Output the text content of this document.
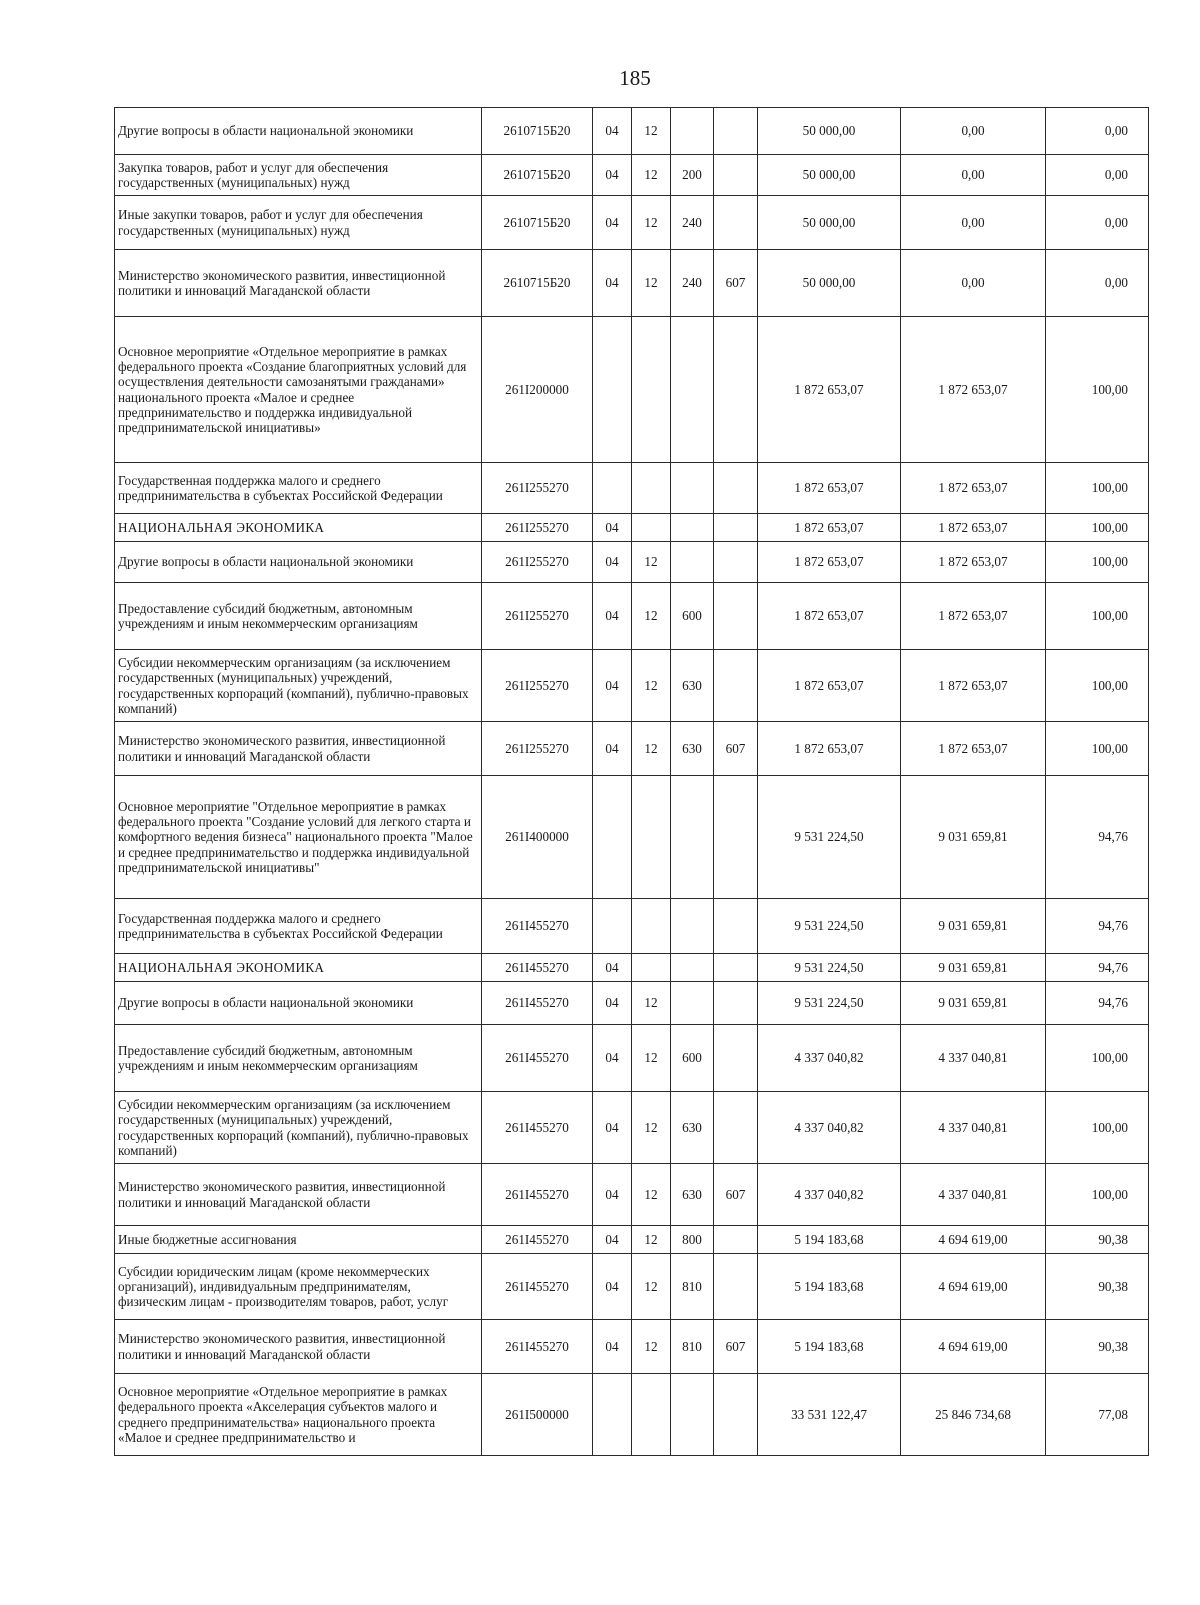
185
Другие вопросы в области национальной экономики	2610715Б20	04	12			50 000,00	0,00	0,00
Закупка товаров, работ и услуг для обеспечения государственных (муниципальных) нужд	2610715Б20	04	12	200		50 000,00	0,00	0,00
Иные закупки товаров, работ и услуг для обеспечения государственных (муниципальных) нужд	2610715Б20	04	12	240		50 000,00	0,00	0,00
Министерство экономического развития, инвестиционной политики и инноваций Магаданской области	2610715Б20	04	12	240	607	50 000,00	0,00	0,00
Основное мероприятие «Отдельное мероприятие в рамках федерального проекта «Создание благоприятных условий для осуществления деятельности самозанятыми гражданами» национального проекта «Малое и среднее предпринимательство и поддержка индивидуальной предпринимательской инициативы»	261I200000					1 872 653,07	1 872 653,07	100,00
Государственная поддержка малого и среднего предпринимательства в субъектах Российской Федерации	261I255270					1 872 653,07	1 872 653,07	100,00
НАЦИОНАЛЬНАЯ ЭКОНОМИКА	261I255270	04				1 872 653,07	1 872 653,07	100,00
Другие вопросы в области национальной экономики	261I255270	04	12			1 872 653,07	1 872 653,07	100,00
Предоставление субсидий бюджетным, автономным учреждениям и иным некоммерческим организациям	261I255270	04	12	600		1 872 653,07	1 872 653,07	100,00
Субсидии некоммерческим организациям (за исключением государственных (муниципальных) учреждений, государственных корпораций (компаний), публично-правовых компаний)	261I255270	04	12	630		1 872 653,07	1 872 653,07	100,00
Министерство экономического развития, инвестиционной политики и инноваций Магаданской области	261I255270	04	12	630	607	1 872 653,07	1 872 653,07	100,00
Основное мероприятие "Отдельное мероприятие в рамках федерального проекта "Создание условий для легкого старта и комфортного ведения бизнеса" национального проекта "Малое и среднее предпринимательство и поддержка индивидуальной предпринимательской инициативы"	261I400000					9 531 224,50	9 031 659,81	94,76
Государственная поддержка малого и среднего предпринимательства в субъектах Российской Федерации	261I455270					9 531 224,50	9 031 659,81	94,76
НАЦИОНАЛЬНАЯ ЭКОНОМИКА	261I455270	04				9 531 224,50	9 031 659,81	94,76
Другие вопросы в области национальной экономики	261I455270	04	12			9 531 224,50	9 031 659,81	94,76
Предоставление субсидий бюджетным, автономным учреждениям и иным некоммерческим организациям	261I455270	04	12	600		4 337 040,82	4 337 040,81	100,00
Субсидии некоммерческим организациям (за исключением государственных (муниципальных) учреждений, государственных корпораций (компаний), публично-правовых компаний)	261I455270	04	12	630		4 337 040,82	4 337 040,81	100,00
Министерство экономического развития, инвестиционной политики и инноваций Магаданской области	261I455270	04	12	630	607	4 337 040,82	4 337 040,81	100,00
Иные бюджетные ассигнования	261I455270	04	12	800		5 194 183,68	4 694 619,00	90,38
Субсидии юридическим лицам (кроме некоммерческих организаций), индивидуальным предпринимателям, физическим лицам - производителям товаров, работ, услуг	261I455270	04	12	810		5 194 183,68	4 694 619,00	90,38
Министерство экономического развития, инвестиционной политики и инноваций Магаданской области	261I455270	04	12	810	607	5 194 183,68	4 694 619,00	90,38
Основное мероприятие «Отдельное мероприятие в рамках федерального проекта «Акселерация субъектов малого и среднего предпринимательства» национального проекта «Малое и среднее предпринимательство и	261I500000					33 531 122,47	25 846 734,68	77,08
